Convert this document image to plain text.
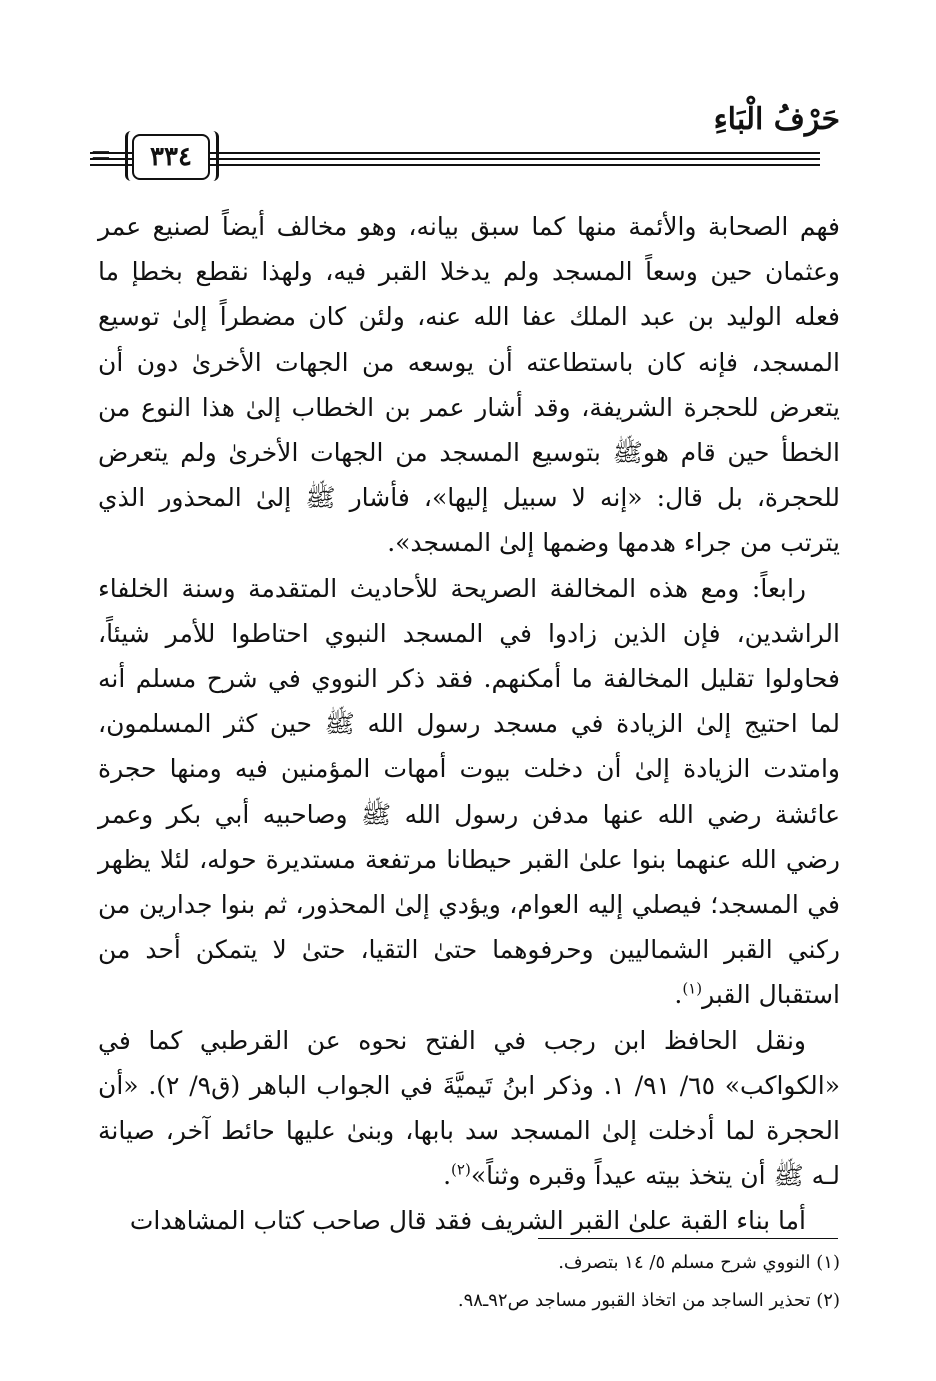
حَرْفُ الْبَاءِ
٣٣٤
=

فهم الصحابة والأئمة منها كما سبق بيانه، وهو مخالف أيضاً لصنيع عمر وعثمان حين وسعاً المسجد ولم يدخلا القبر فيه، ولهذا نقطع بخطإ ما فعله الوليد بن عبد الملك عفا الله عنه، ولئن كان مضطراً إلىٰ توسيع المسجد، فإنه كان باستطاعته أن يوسعه من الجهات الأخرىٰ دون أن يتعرض للحجرة الشريفة، وقد أشار عمر بن الخطاب إلىٰ هذا النوع من الخطأ حين قام هوﷺ بتوسيع المسجد من الجهات الأخرىٰ ولم يتعرض للحجرة، بل قال: «إنه لا سبيل إليها»، فأشار ﷺ إلىٰ المحذور الذي يترتب من جراء هدمها وضمها إلىٰ المسجد».

رابعاً: ومع هذه المخالفة الصريحة للأحاديث المتقدمة وسنة الخلفاء الراشدين، فإن الذين زادوا في المسجد النبوي احتاطوا للأمر شيئاً، فحاولوا تقليل المخالفة ما أمكنهم. فقد ذكر النووي في شرح مسلم أنه لما احتيج إلىٰ الزيادة في مسجد رسول الله ﷺ حين كثر المسلمون، وامتدت الزيادة إلىٰ أن دخلت بيوت أمهات المؤمنين فيه ومنها حجرة عائشة رضي الله عنها مدفن رسول الله ﷺ وصاحبيه أبي بكر وعمر رضي الله عنهما بنوا علىٰ القبر حيطانا مرتفعة مستديرة حوله، لئلا يظهر في المسجد؛ فيصلي إليه العوام، ويؤدي إلىٰ المحذور، ثم بنوا جدارين من ركني القبر الشماليين وحرفوهما حتىٰ التقيا، حتىٰ لا يتمكن أحد من استقبال القبر$^{(١)}$.

ونقل الحافظ ابن رجب في الفتح نحوه عن القرطبي كما في «الكواكب» ٦٥/ ٩١/ ١. وذكر ابنُ تَيميَّةَ في الجواب الباهر (ق٩/ ٢). «أن الحجرة لما أدخلت إلىٰ المسجد سد بابها، وبنىٰ عليها حائط آخر، صيانة لـه ﷺ أن يتخذ بيته عيداً وقبره وثناً»$^{(٢)}$.

أما بناء القبة علىٰ القبر الشريف فقد قال صاحب كتاب المشاهدات

(١) النووي شرح مسلم ٥/ ١٤ بتصرف.
(٢) تحذير الساجد من اتخاذ القبور مساجد ص٩٢ـ٩٨.
